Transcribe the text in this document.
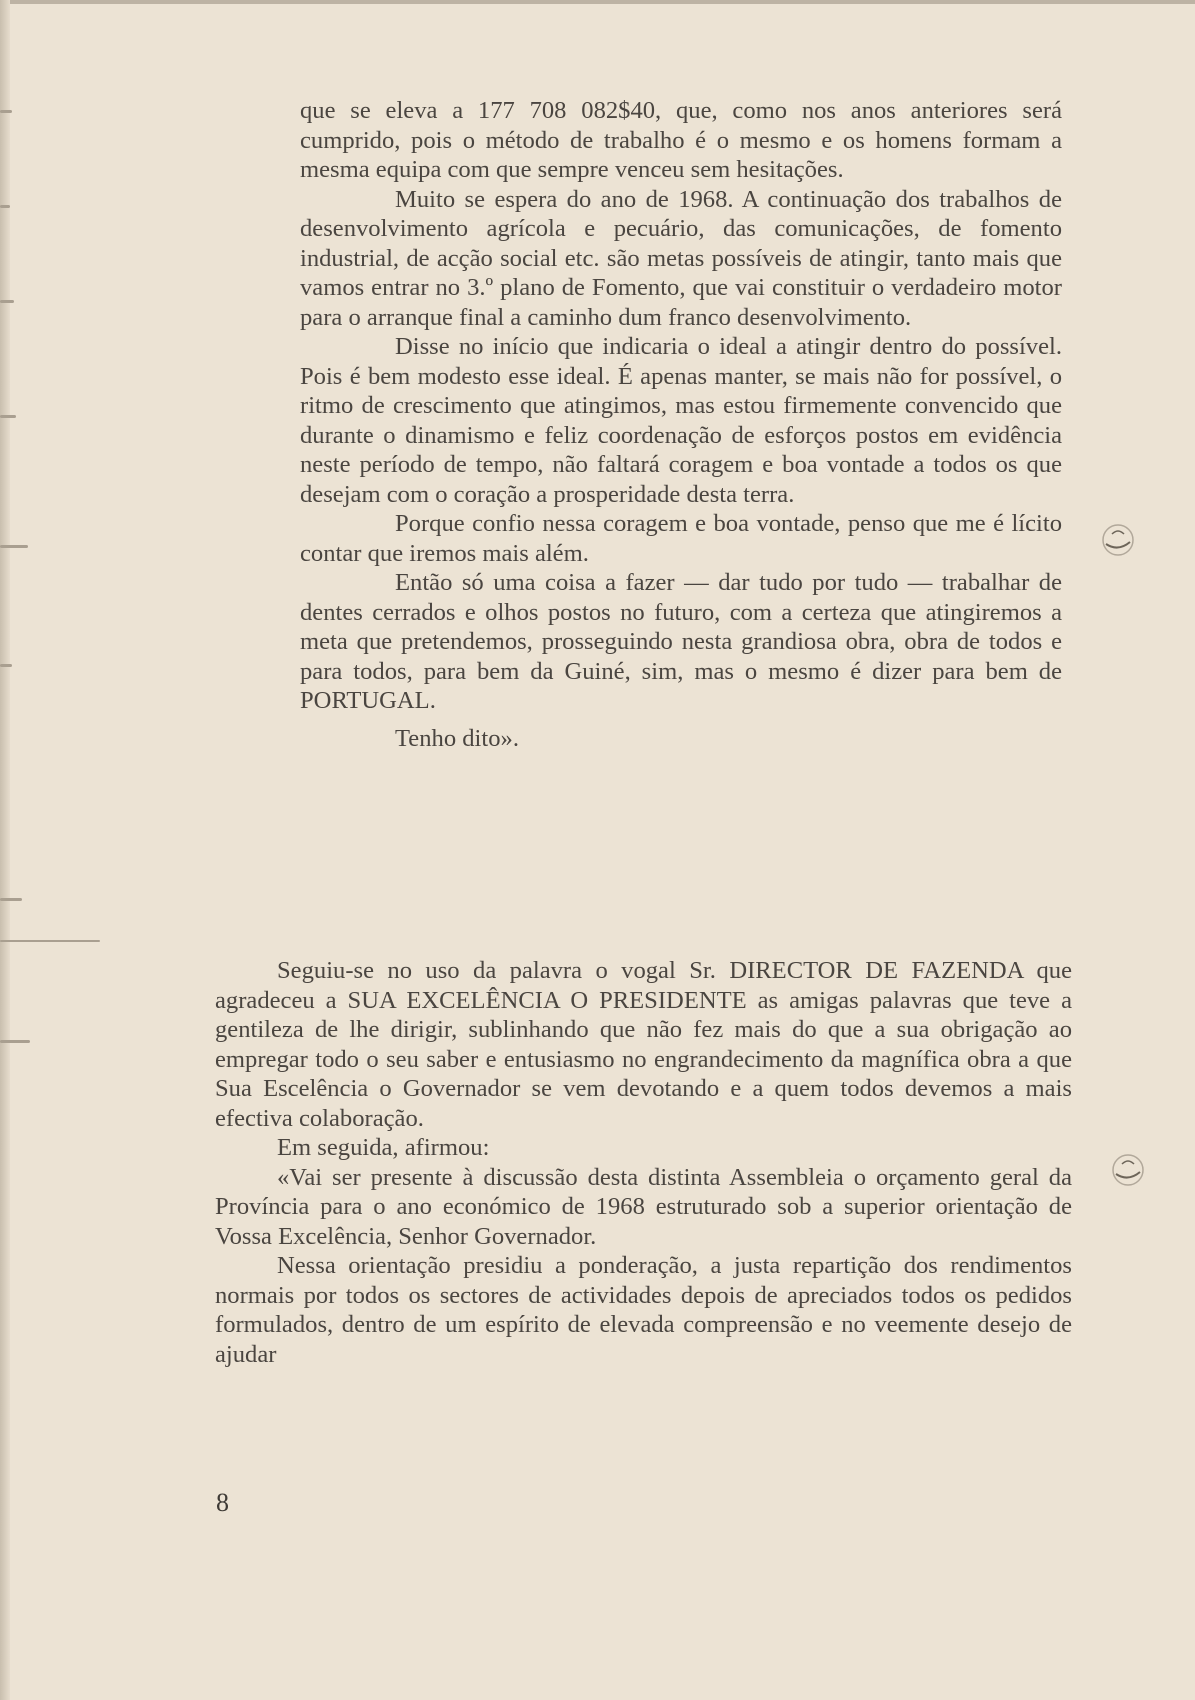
que se eleva a 177 708 082$40, que, como nos anos anteriores será cumprido, pois o método de trabalho é o mesmo e os homens formam a mesma equipa com que sempre venceu sem hesitações.

Muito se espera do ano de 1968. A continuação dos trabalhos de desenvolvimento agrícola e pecuário, das comunicações, de fomento industrial, de acção social etc. são metas possíveis de atingir, tanto mais que vamos entrar no 3.º plano de Fomento, que vai constituir o verdadeiro motor para o arranque final a caminho dum franco desenvolvimento.

Disse no início que indicaria o ideal a atingir dentro do possível. Pois é bem modesto esse ideal. É apenas manter, se mais não for possível, o ritmo de crescimento que atingimos, mas estou firmemente convencido que durante o dinamismo e feliz coordenação de esforços postos em evidência neste período de tempo, não faltará coragem e boa vontade a todos os que desejam com o coração a prosperidade desta terra.

Porque confio nessa coragem e boa vontade, penso que me é lícito contar que iremos mais além.

Então só uma coisa a fazer — dar tudo por tudo — trabalhar de dentes cerrados e olhos postos no futuro, com a certeza que atingiremos a meta que pretendemos, prosseguindo nesta grandiosa obra, obra de todos e para todos, para bem da Guiné, sim, mas o mesmo é dizer para bem de PORTUGAL.

Tenho dito».

Seguiu-se no uso da palavra o vogal Sr. DIRECTOR DE FAZENDA que agradeceu a SUA EXCELÊNCIA O PRESIDENTE as amigas palavras que teve a gentileza de lhe dirigir, sublinhando que não fez mais do que a sua obrigação ao empregar todo o seu saber e entusiasmo no engrandecimento da magnífica obra a que Sua Escelência o Governador se vem devotando e a quem todos devemos a mais efectiva colaboração.

Em seguida, afirmou:

«Vai ser presente à discussão desta distinta Assembleia o orçamento geral da Província para o ano económico de 1968 estruturado sob a superior orientação de Vossa Excelência, Senhor Governador.

Nessa orientação presidiu a ponderação, a justa repartição dos rendimentos normais por todos os sectores de actividades depois de apreciados todos os pedidos formulados, dentro de um espírito de elevada compreensão e no veemente desejo de ajudar

8
